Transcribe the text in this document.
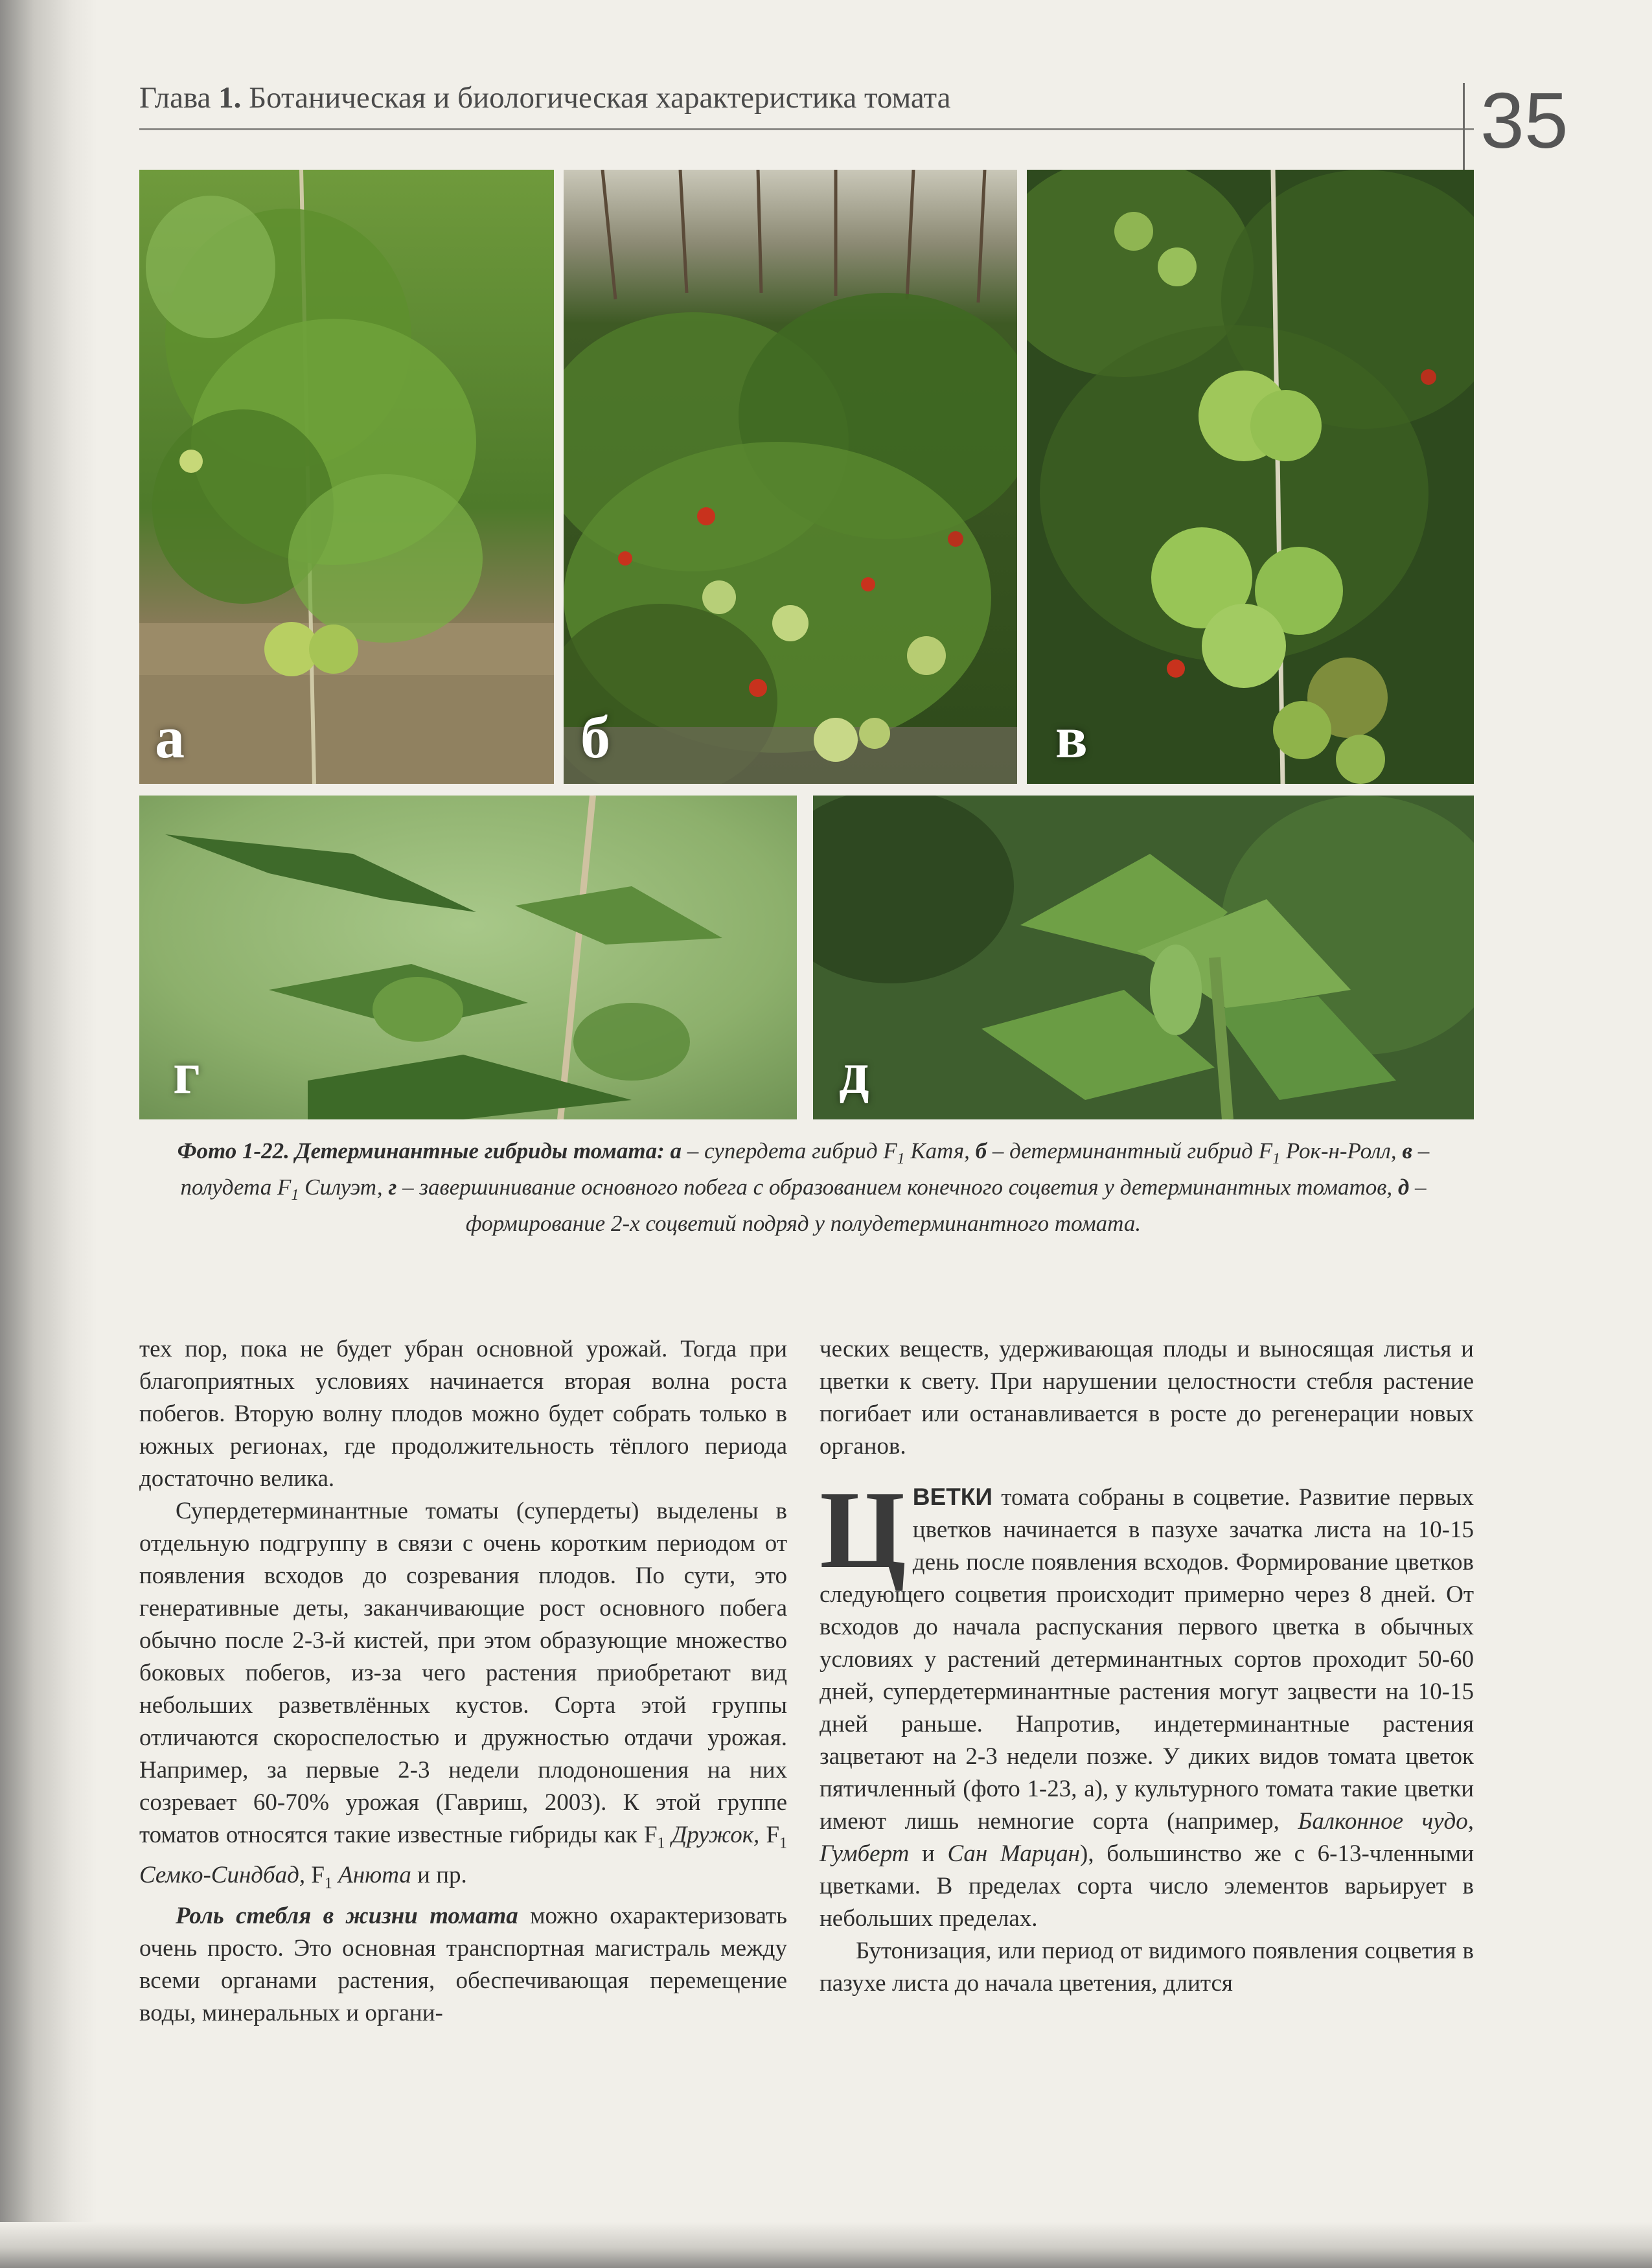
Глава 1. Ботаническая и биологическая характеристика томата	35
а	б	в
г	д
Фото 1-22. Детерминантные гибриды томата: а – супердета гибрид $F_1$ Катя, б – детерминантный гибрид $F_1$ Рок-н-Ролл, в – полудета $F_1$ Силуэт, г – завершинивание основного побега с образованием конечного соцветия у детерминантных томатов, д – формирование 2-х соцветий подряд у полудетерминантного томата.

тех пор, пока не будет убран основной урожай. Тогда при благоприятных условиях начинается вторая волна роста побегов. Вторую волну плодов можно будет собрать только в южных регионах, где продолжительность тёплого периода достаточно велика.

Супердетерминантные томаты (супердеты) выделены в отдельную подгруппу в связи с очень коротким периодом от появления всходов до созревания плодов. По сути, это генеративные деты, заканчивающие рост основного побега обычно после 2-3-й кистей, при этом образующие множество боковых побегов, из-за чего растения приобретают вид небольших разветвлённых кустов. Сорта этой группы отличаются скороспелостью и дружностью отдачи урожая. Например, за первые 2-3 недели плодоношения на них созревает 60-70% урожая (Гавриш, 2003). К этой группе томатов относятся такие известные гибриды как $F_1$ Дружок, $F_1$ Семко-Синдбад, $F_1$ Анюта и пр.

Роль стебля в жизни томата можно охарактеризовать очень просто. Это основная транспортная магистраль между всеми органами растения, обеспечивающая перемещение воды, минеральных и органи-

ческих веществ, удерживающая плоды и выносящая листья и цветки к свету. При нарушении целостности стебля растение погибает или останавливается в росте до регенерации новых органов.

ЦВЕТКИ томата собраны в соцветие. Развитие первых цветков начинается в пазухе зачатка листа на 10-15 день после появления всходов. Формирование цветков следующего соцветия происходит примерно через 8 дней. От всходов до начала распускания первого цветка в обычных условиях у растений детерминантных сортов проходит 50-60 дней, супердетерминантные растения могут зацвести на 10-15 дней раньше. Напротив, индетерминантные растения зацветают на 2-3 недели позже. У диких видов томата цветок пятичленный (фото 1-23, а), у культурного томата такие цветки имеют лишь немногие сорта (например, Балконное чудо, Гумберт и Сан Марцан), большинство же с 6-13-членными цветками. В пределах сорта число элементов варьирует в небольших пределах.

Бутонизация, или период от видимого появления соцветия в пазухе листа до начала цветения, длится
